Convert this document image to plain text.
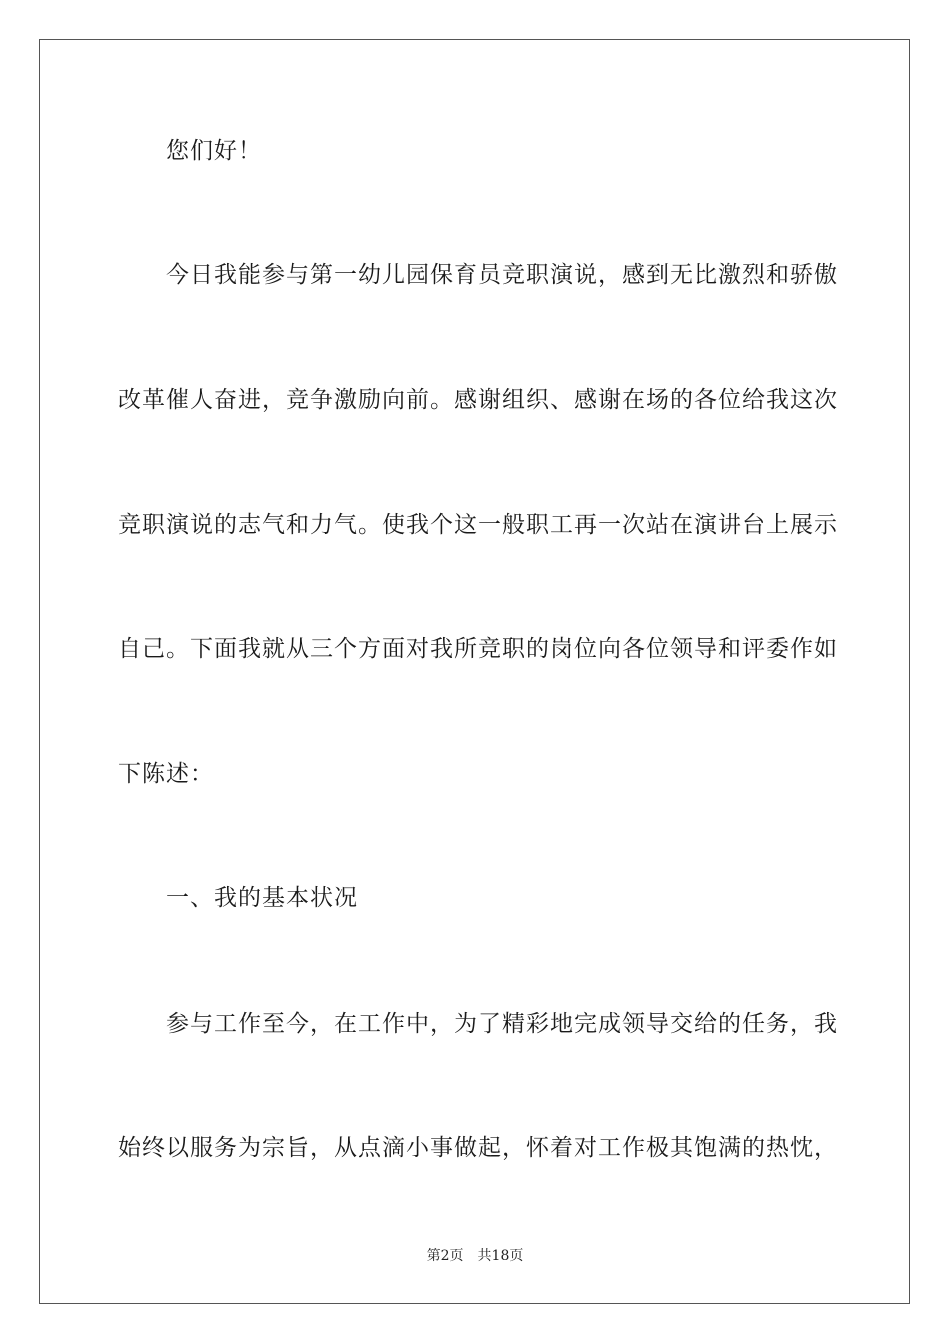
您们好！
今日我能参与第一幼儿园保育员竞职演说，感到无比激烈和骄傲
改革催人奋进，竞争激励向前。感谢组织、感谢在场的各位给我这次
竞职演说的志气和力气。使我个这一般职工再一次站在演讲台上展示
自己。下面我就从三个方面对我所竞职的岗位向各位领导和评委作如
下陈述：
一、我的基本状况
参与工作至今，在工作中，为了精彩地完成领导交给的任务，我
始终以服务为宗旨，从点滴小事做起，怀着对工作极其饱满的热忱，
第2页 共18页
